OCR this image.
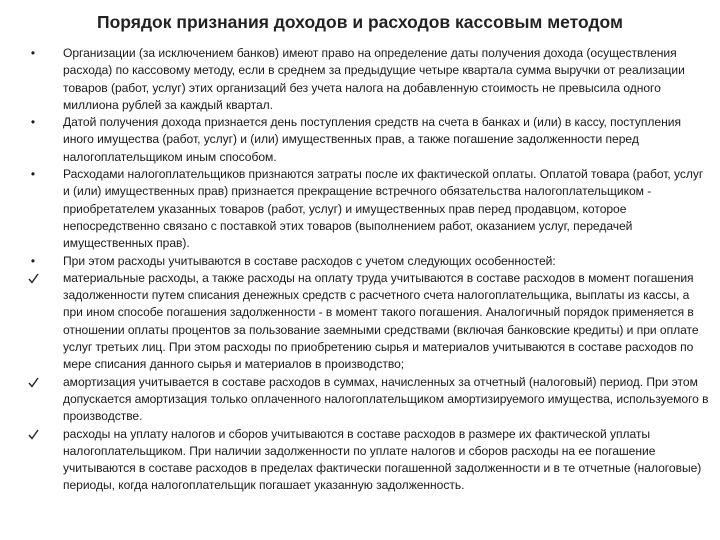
Порядок признания доходов и расходов кассовым методом
•	Организации (за исключением банков) имеют право на определение даты получения дохода (осуществления расхода) по кассовому методу, если в среднем за предыдущие четыре квартала сумма выручки от реализации товаров (работ, услуг) этих организаций без учета налога на добавленную стоимость не превысила одного миллиона рублей за каждый квартал.
•	Датой получения дохода признается день поступления средств на счета в банках и (или) в кассу, поступления иного имущества (работ, услуг) и (или) имущественных прав, а также погашение задолженности перед налогоплательщиком иным способом.
•	Расходами налогоплательщиков признаются затраты после их фактической оплаты. Оплатой товара (работ, услуг и (или) имущественных прав) признается прекращение встречного обязательства налогоплательщиком - приобретателем указанных товаров (работ, услуг) и имущественных прав перед продавцом, которое непосредственно связано с поставкой этих товаров (выполнением работ, оказанием услуг, передачей имущественных прав).
•	При этом расходы учитываются в составе расходов с учетом следующих особенностей:
материальные расходы, а также расходы на оплату труда учитываются в составе расходов в момент погашения задолженности путем списания денежных средств с расчетного счета налогоплательщика, выплаты из кассы, а при ином способе погашения задолженности - в момент такого погашения. Аналогичный порядок применяется в отношении оплаты процентов за пользование заемными средствами (включая банковские кредиты) и при оплате услуг третьих лиц. При этом расходы по приобретению сырья и материалов учитываются в составе расходов по мере списания данного сырья и материалов в производство;
амортизация учитывается в составе расходов в суммах, начисленных за отчетный (налоговый) период. При этом допускается амортизация только оплаченного налогоплательщиком амортизируемого имущества, используемого в производстве.
расходы на уплату налогов и сборов учитываются в составе расходов в размере их фактической уплаты налогоплательщиком. При наличии задолженности по уплате налогов и сборов расходы на ее погашение учитываются в составе расходов в пределах фактически погашенной задолженности и в те отчетные (налоговые) периоды, когда налогоплательщик погашает указанную задолженность.
